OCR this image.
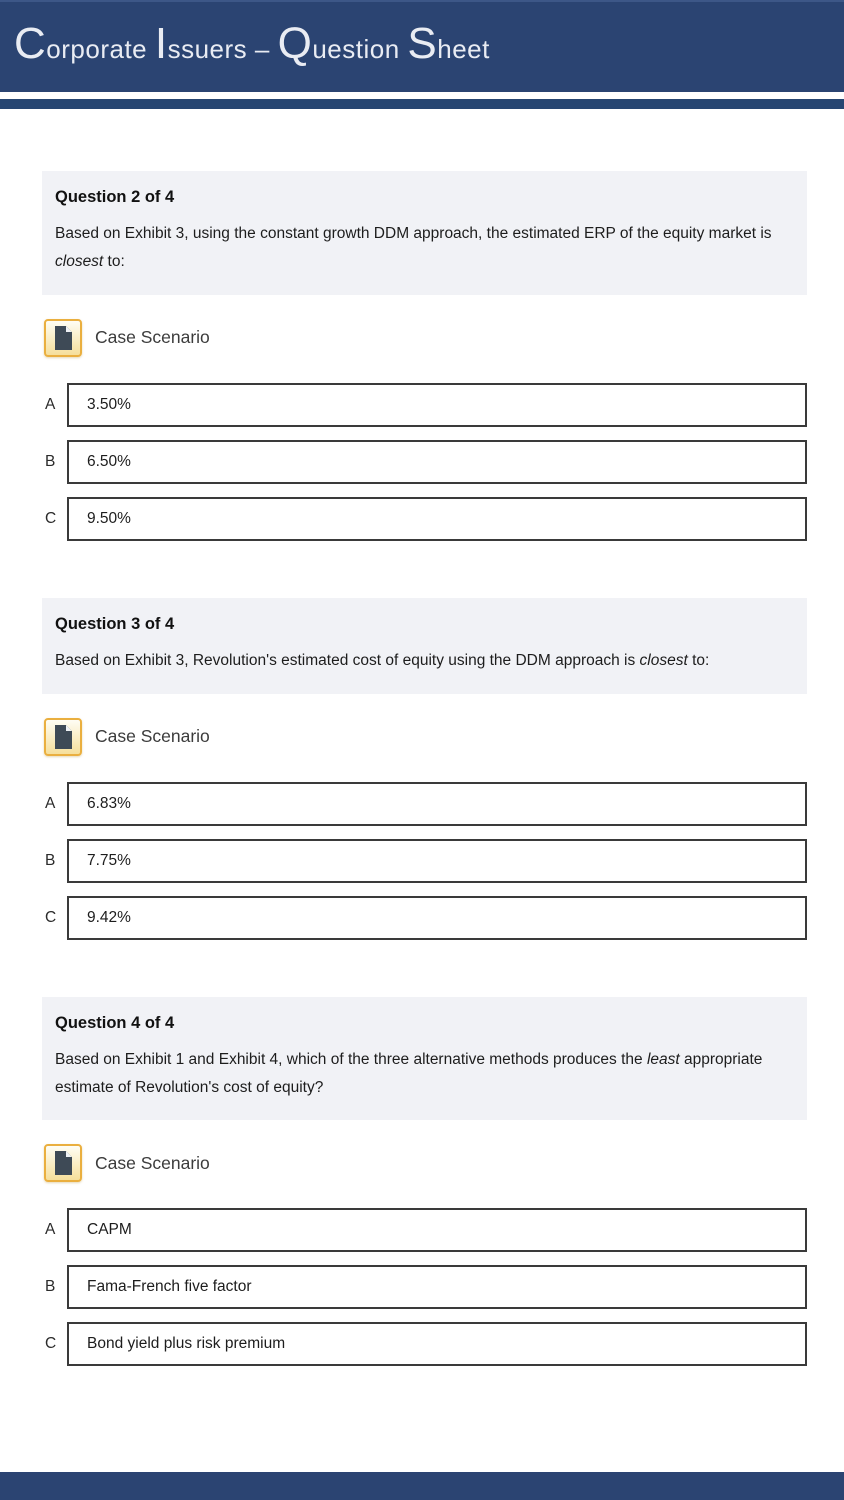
Corporate Issuers – Question Sheet
Question 2 of 4

Based on Exhibit 3, using the constant growth DDM approach, the estimated ERP of the equity market is closest to:

Case Scenario
A	3.50%
B	6.50%
C	9.50%
Question 3 of 4

Based on Exhibit 3, Revolution's estimated cost of equity using the DDM approach is closest to:

Case Scenario
A	6.83%
B	7.75%
C	9.42%
Question 4 of 4

Based on Exhibit 1 and Exhibit 4, which of the three alternative methods produces the least appropriate estimate of Revolution's cost of equity?

Case Scenario
A	CAPM
B	Fama-French five factor
C	Bond yield plus risk premium
